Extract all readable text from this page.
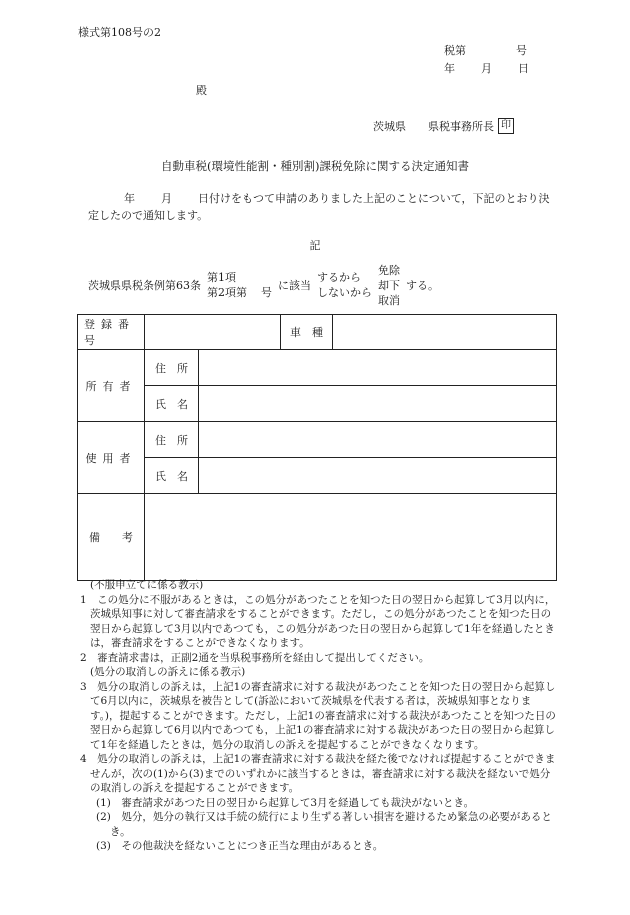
様式第108号の2
税第	号
年 月 日
殿
茨城県 県税事務所長 印
自動車税(環境性能割・種別割)課税免除に関する決定通知書
年 月 日付けをもつて申請のありました上記のことについて，下記のとおり決定したので通知します。
記
茨城県県税条例第63条
第1項
第2項第 号
に該当
するから
しないから
免除
却下
取消
する。
登録番号			車　種	
所有者	住　所			
	氏　名			
使用者	住　所			
	氏　名			
備　　考				
(不服申立てに係る教示)
1　この処分に不服があるときは，この処分があつたことを知つた日の翌日から起算して3月以内に，茨城県知事に対して審査請求をすることができます。ただし，この処分があつたことを知つた日の翌日から起算して3月以内であつても，この処分があつた日の翌日から起算して1年を経過したときは，審査請求をすることができなくなります。
2　審査請求書は，正副2通を当県税事務所を経由して提出してください。
(処分の取消しの訴えに係る教示)
3　処分の取消しの訴えは，上記1の審査請求に対する裁決があつたことを知つた日の翌日から起算して6月以内に，茨城県を被告として(訴訟において茨城県を代表する者は，茨城県知事となります。)，提起することができます。ただし，上記1の審査請求に対する裁決があつたことを知つた日の翌日から起算して6月以内であつても，上記1の審査請求に対する裁決があつた日の翌日から起算して1年を経過したときは，処分の取消しの訴えを提起することができなくなります。
4　処分の取消しの訴えは，上記1の審査請求に対する裁決を経た後でなければ提起することができませんが，次の(1)から(3)までのいずれかに該当するときは，審査請求に対する裁決を経ないで処分の取消しの訴えを提起することができます。
(1)　審査請求があつた日の翌日から起算して3月を経過しても裁決がないとき。
(2)　処分，処分の執行又は手続の続行により生ずる著しい損害を避けるため緊急の必要があるとき。
(3)　その他裁決を経ないことにつき正当な理由があるとき。
